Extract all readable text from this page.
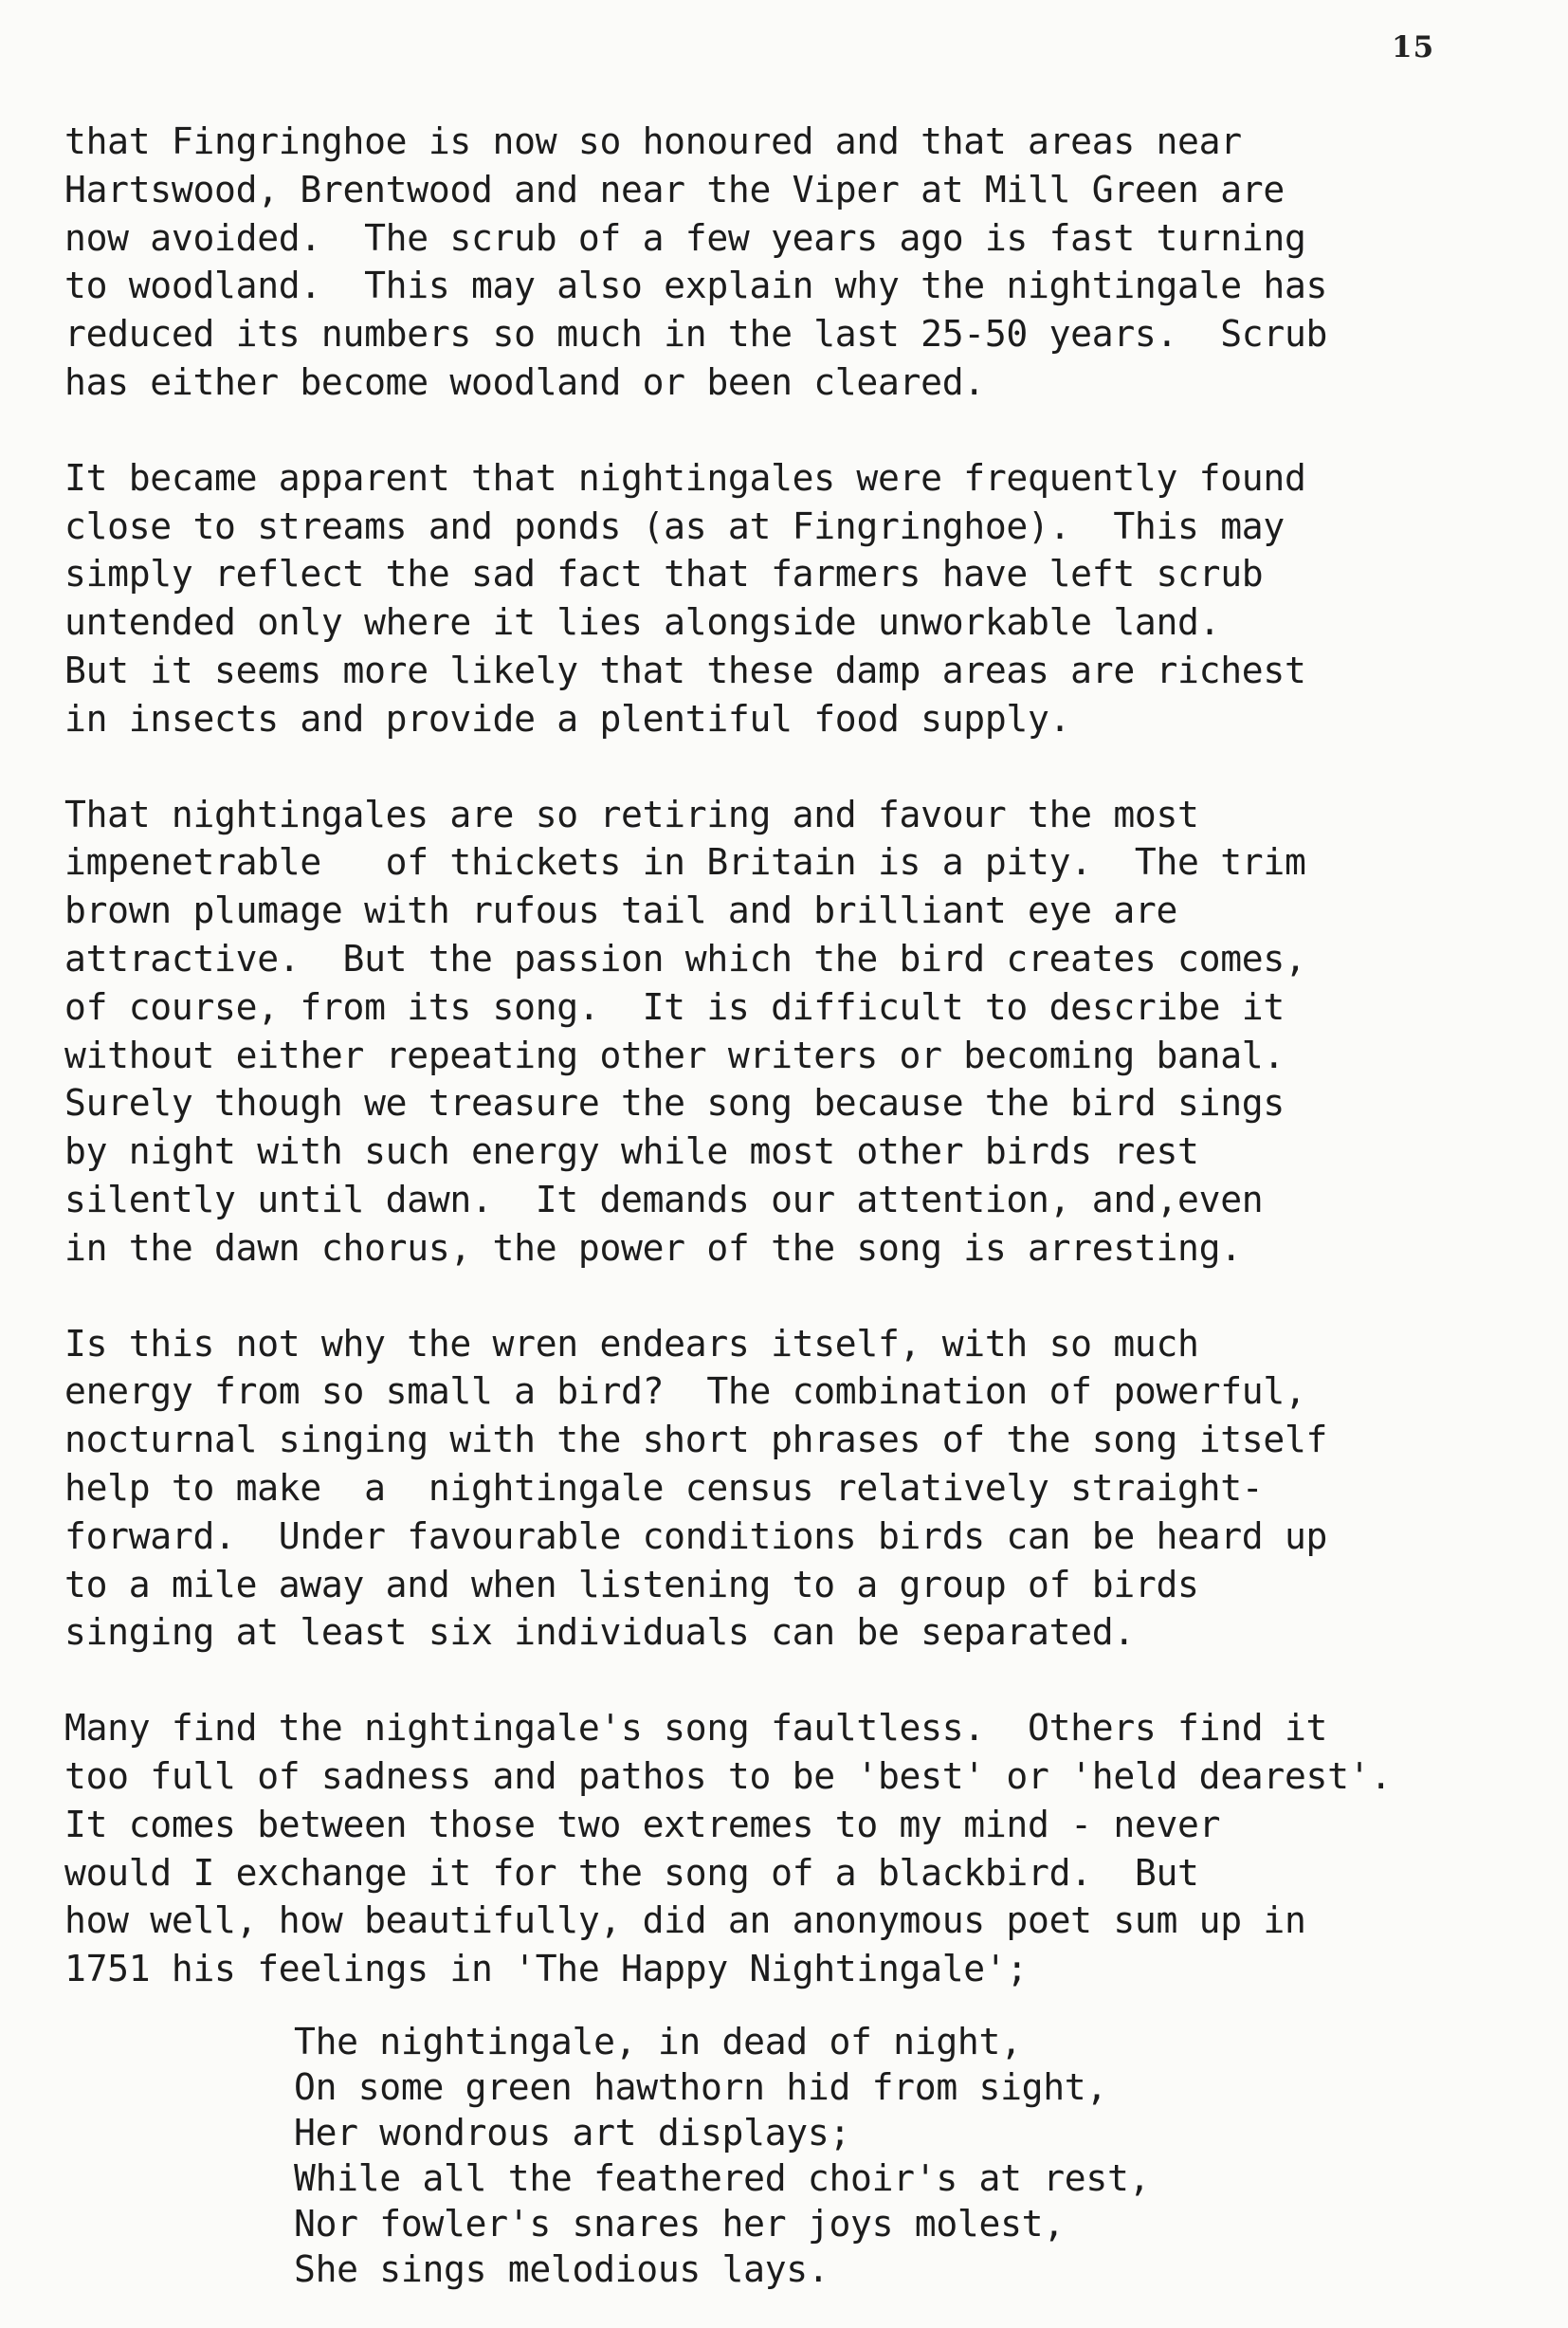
15
that Fingringhoe is now so honoured and that areas near
Hartswood, Brentwood and near the Viper at Mill Green are
now avoided.  The scrub of a few years ago is fast turning
to woodland.  This may also explain why the nightingale has
reduced its numbers so much in the last 25-50 years.  Scrub
has either become woodland or been cleared.
It became apparent that nightingales were frequently found
close to streams and ponds (as at Fingringhoe).  This may
simply reflect the sad fact that farmers have left scrub
untended only where it lies alongside unworkable land.
But it seems more likely that these damp areas are richest
in insects and provide a plentiful food supply.
That nightingales are so retiring and favour the most
impenetrable   of thickets in Britain is a pity.  The trim
brown plumage with rufous tail and brilliant eye are
attractive.  But the passion which the bird creates comes,
of course, from its song.  It is difficult to describe it
without either repeating other writers or becoming banal.
Surely though we treasure the song because the bird sings
by night with such energy while most other birds rest
silently until dawn.  It demands our attention, and,even
in the dawn chorus, the power of the song is arresting.
Is this not why the wren endears itself, with so much
energy from so small a bird?  The combination of powerful,
nocturnal singing with the short phrases of the song itself
help to make  a  nightingale census relatively straight-
forward.  Under favourable conditions birds can be heard up
to a mile away and when listening to a group of birds
singing at least six individuals can be separated.
Many find the nightingale's song faultless.  Others find it
too full of sadness and pathos to be 'best' or 'held dearest'.
It comes between those two extremes to my mind - never
would I exchange it for the song of a blackbird.  But
how well, how beautifully, did an anonymous poet sum up in
1751 his feelings in 'The Happy Nightingale';
The nightingale, in dead of night,
On some green hawthorn hid from sight,
Her wondrous art displays;
While all the feathered choir's at rest,
Nor fowler's snares her joys molest,
She sings melodious lays.
